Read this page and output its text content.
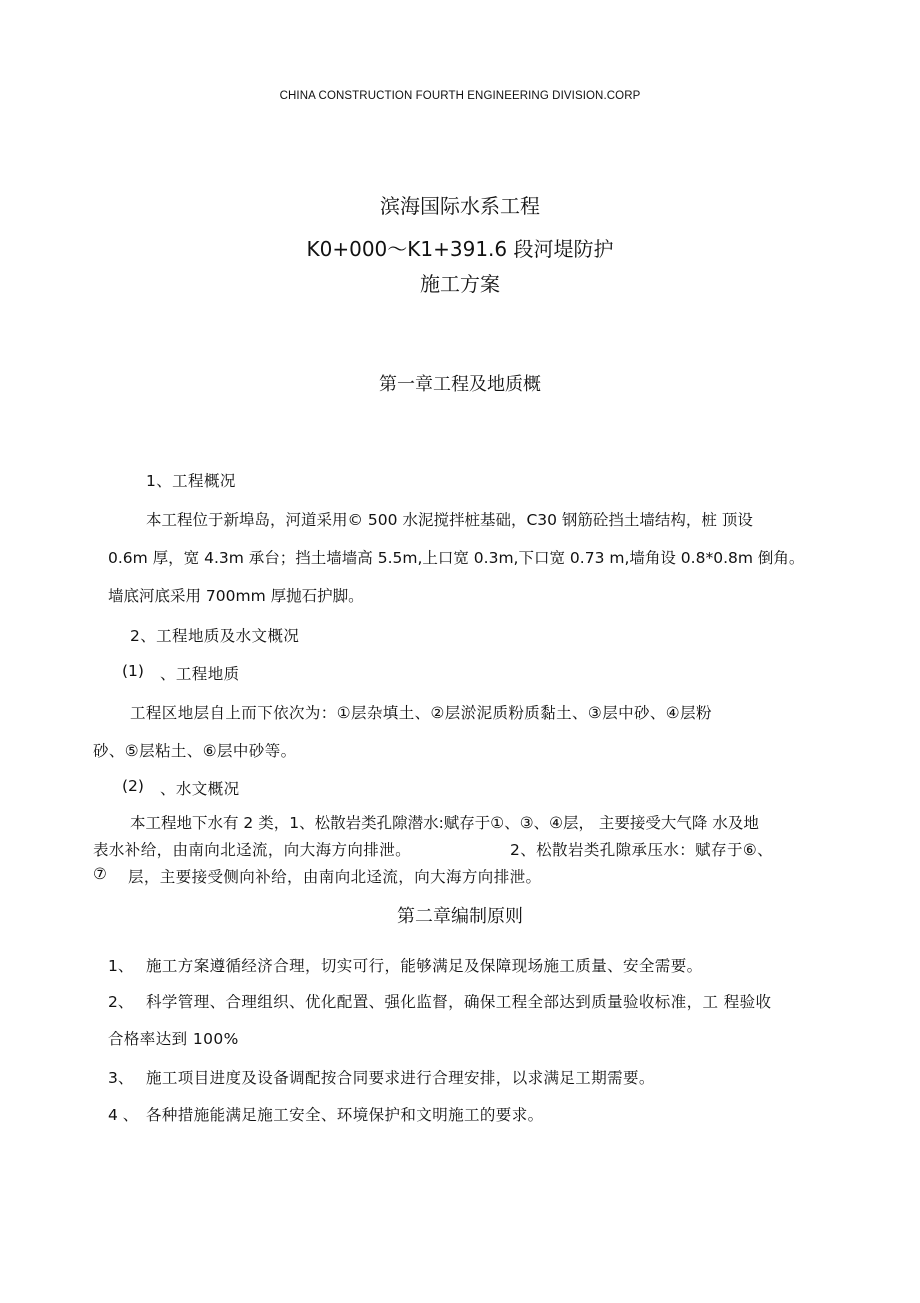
CHINA CONSTRUCTION FOURTH ENGINEERING DIVISION.CORP
滨海国际水系工程
K0+000～K1+391.6 段河堤防护
施工方案
第一章工程及地质概
1、工程概况
本工程位于新埠岛，河道采用© 500 水泥搅拌桩基础，C30 钢筋砼挡土墙结构，桩 顶设
0.6m 厚，宽 4.3m 承台；挡土墙墙高 5.5m,上口宽 0.3m,下口宽 0.73 m,墙角设 0.8*0.8m 倒角。
墙底河底采用 700mm 厚抛石护脚。
2、工程地质及水文概况
(1) 、工程地质
工程区地层自上而下依次为：①层杂填土、②层淤泥质粉质黏土、③层中砂、④层粉
砂、⑤层粘土、⑥层中砂等。
(2) 、水文概况
本工程地下水有 2 类，1、松散岩类孔隙潜水:赋存于①、③、④层， 主要接受大气降 水及地
表水补给，由南向北迳流，向大海方向排泄。	2、松散岩类孔隙承压水：赋存于⑥、
⑦ 层，主要接受侧向补给，由南向北迳流，向大海方向排泄。
第二章编制原则
1、 施工方案遵循经济合理，切实可行，能够满足及保障现场施工质量、安全需要。
2、 科学管理、合理组织、优化配置、强化监督，确保工程全部达到质量验收标准，工 程验收
合格率达到 100%
3、 施工项目进度及设备调配按合同要求进行合理安排，以求满足工期需要。
4 、 各种措施能满足施工安全、环境保护和文明施工的要求。
